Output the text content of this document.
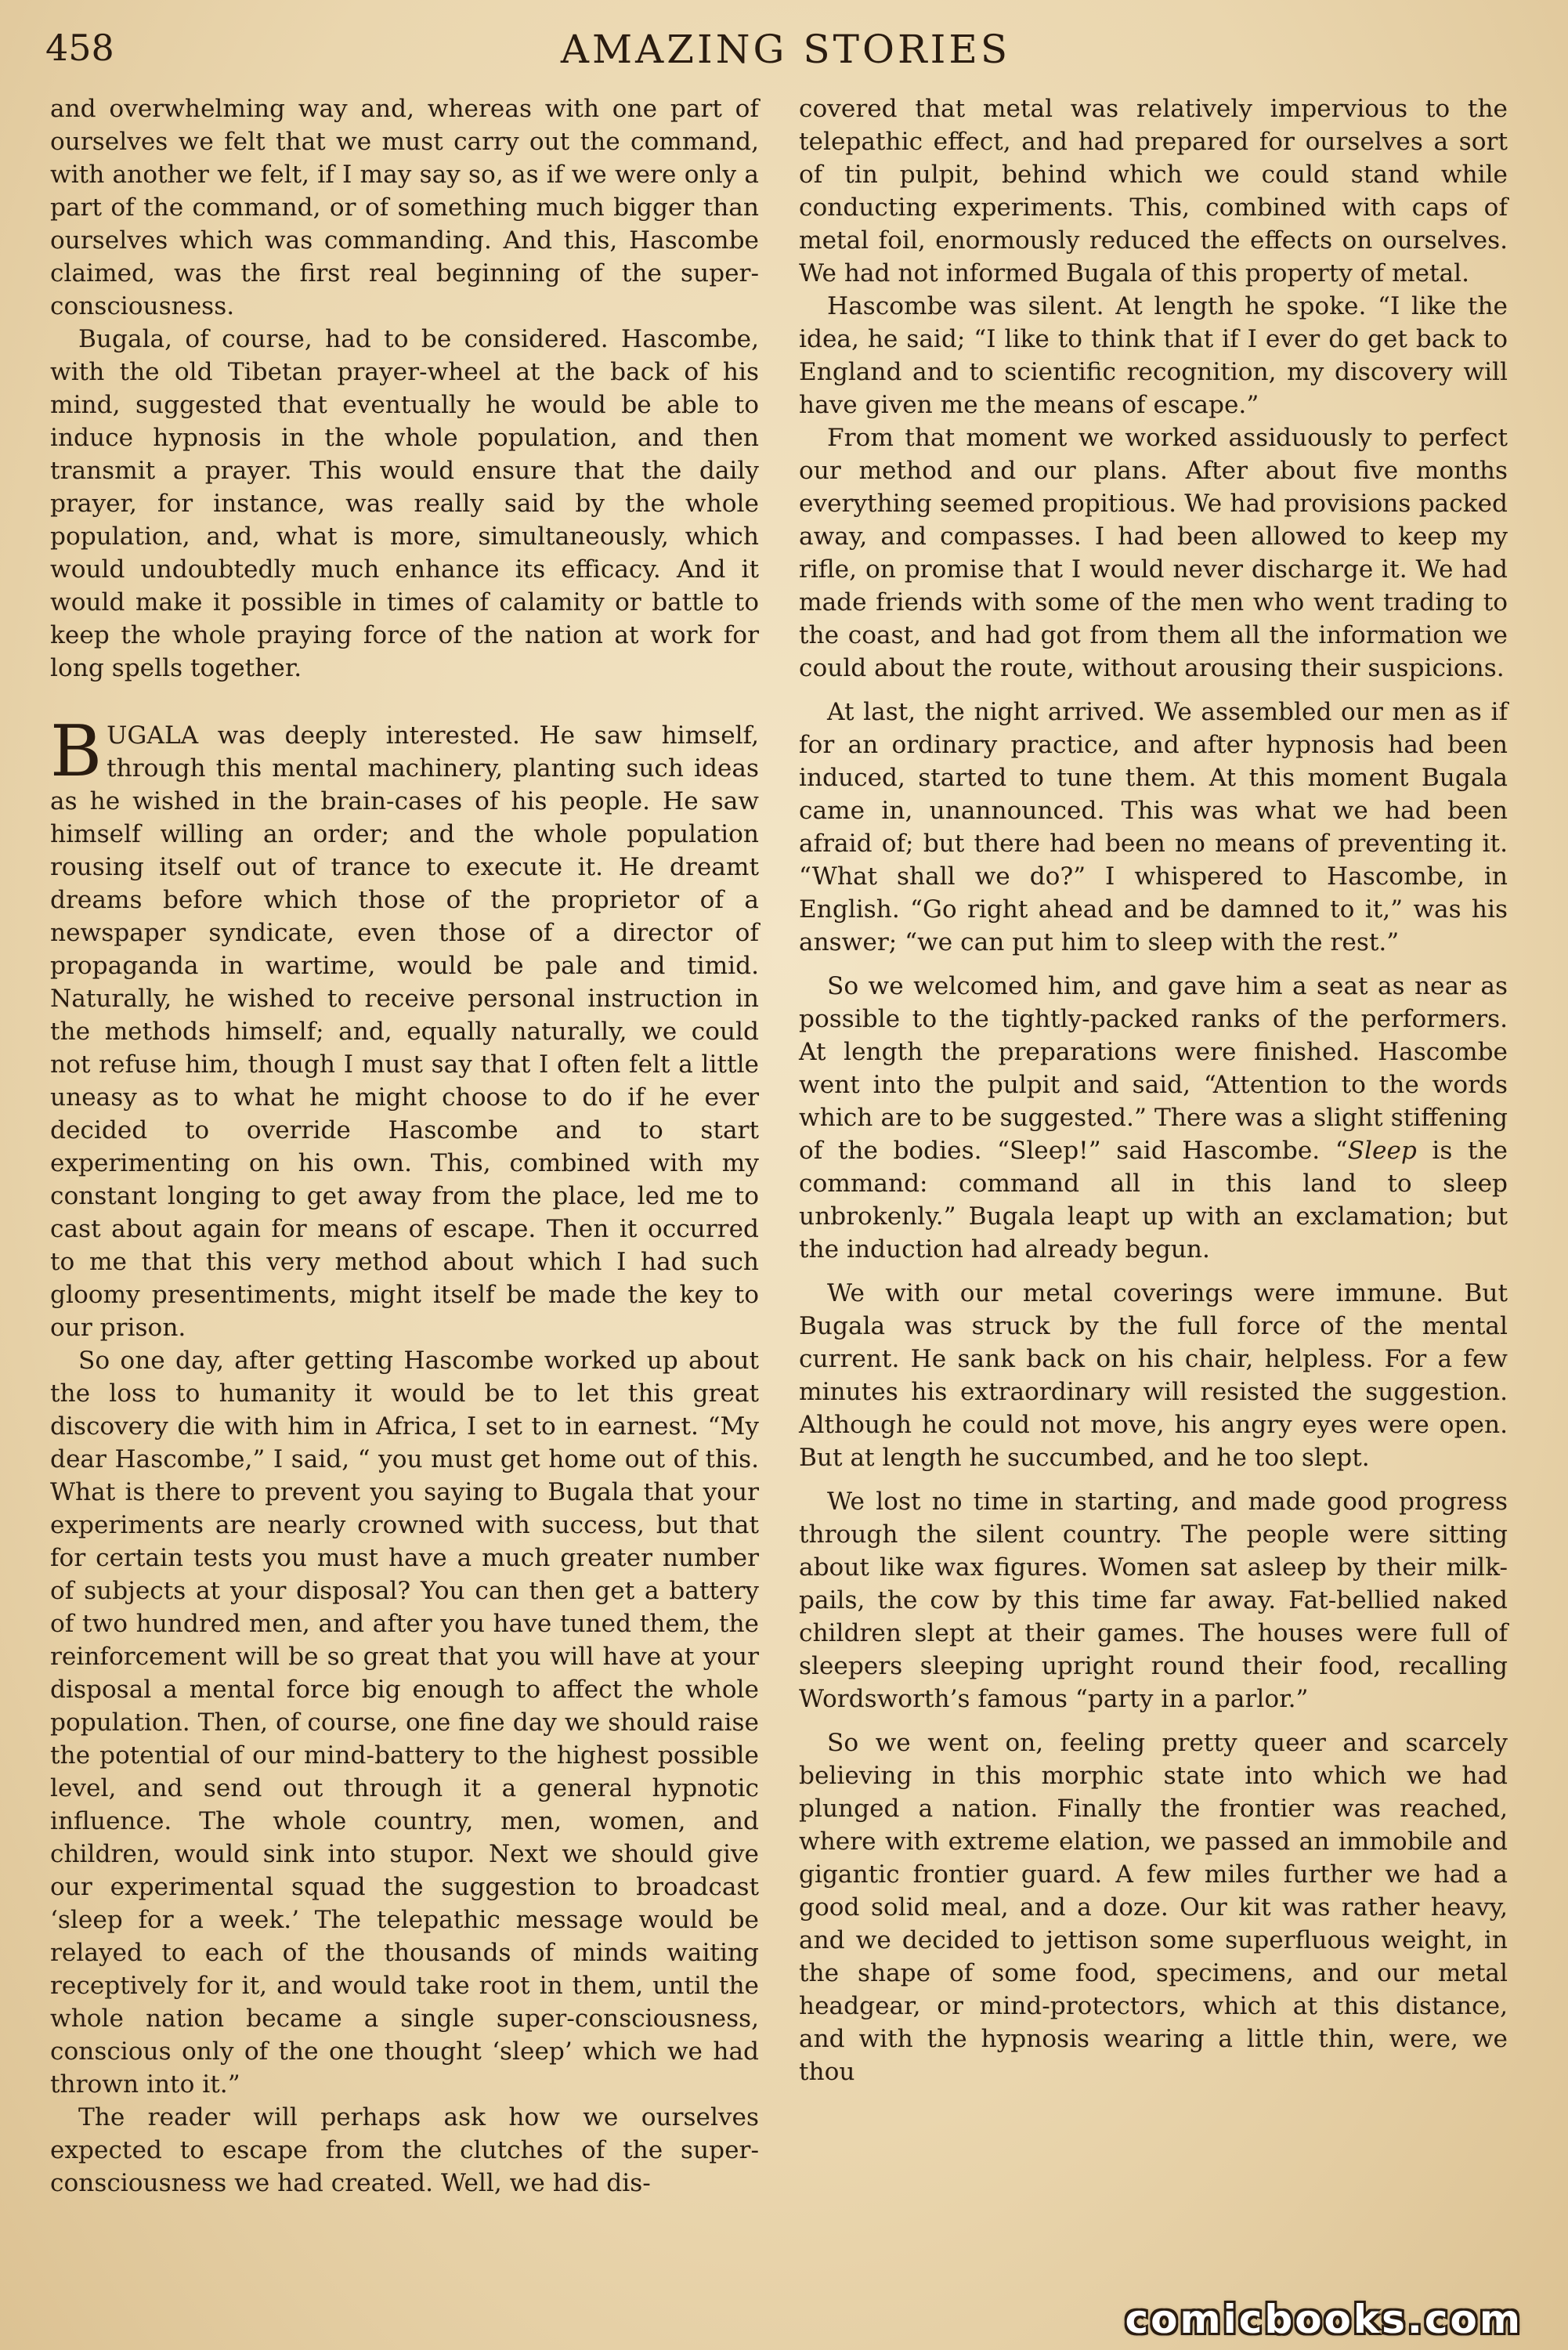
458	AMAZING STORIES

and overwhelming way and, whereas with one part of ourselves we felt that we must carry out the command, with another we felt, if I may say so, as if we were only a part of the command, or of something much bigger than ourselves which was commanding. And this, Hascombe claimed, was the first real beginning of the super-consciousness.

Bugala, of course, had to be considered. Hascombe, with the old Tibetan prayer-wheel at the back of his mind, suggested that eventually he would be able to induce hypnosis in the whole population, and then transmit a prayer. This would ensure that the daily prayer, for instance, was really said by the whole population, and, what is more, simultaneously, which would undoubtedly much enhance its efficacy. And it would make it possible in times of calamity or battle to keep the whole praying force of the nation at work for long spells together.

B UGALA was deeply interested. He saw himself, through this mental machinery, planting such ideas as he wished in the brain-cases of his people. He saw himself willing an order; and the whole population rousing itself out of trance to execute it. He dreamt dreams before which those of the proprietor of a newspaper syndicate, even those of a director of propaganda in wartime, would be pale and timid. Naturally, he wished to receive personal instruction in the methods himself; and, equally naturally, we could not refuse him, though I must say that I often felt a little uneasy as to what he might choose to do if he ever decided to override Hascombe and to start experimenting on his own. This, combined with my constant longing to get away from the place, led me to cast about again for means of escape. Then it occurred to me that this very method about which I had such gloomy presentiments, might itself be made the key to our prison.

So one day, after getting Hascombe worked up about the loss to humanity it would be to let this great discovery die with him in Africa, I set to in earnest. “My dear Hascombe,” I said, “ you must get home out of this. What is there to prevent you saying to Bugala that your experiments are nearly crowned with success, but that for certain tests you must have a much greater number of subjects at your disposal? You can then get a battery of two hundred men, and after you have tuned them, the reinforcement will be so great that you will have at your disposal a mental force big enough to affect the whole population. Then, of course, one fine day we should raise the potential of our mind-battery to the highest possible level, and send out through it a general hypnotic influence. The whole country, men, women, and children, would sink into stupor. Next we should give our experimental squad the suggestion to broadcast ‘sleep for a week.’ The telepathic message would be relayed to each of the thousands of minds waiting receptively for it, and would take root in them, until the whole nation became a single super-consciousness, conscious only of the one thought ‘sleep’ which we had thrown into it.”

The reader will perhaps ask how we ourselves expected to escape from the clutches of the super-consciousness we had created. Well, we had dis-

covered that metal was relatively impervious to the telepathic effect, and had prepared for ourselves a sort of tin pulpit, behind which we could stand while conducting experiments. This, combined with caps of metal foil, enormously reduced the effects on ourselves. We had not informed Bugala of this property of metal.

Hascombe was silent. At length he spoke. “I like the idea, he said; “I like to think that if I ever do get back to England and to scientific recognition, my discovery will have given me the means of escape.”

From that moment we worked assiduously to perfect our method and our plans. After about five months everything seemed propitious. We had provisions packed away, and compasses. I had been allowed to keep my rifle, on promise that I would never discharge it. We had made friends with some of the men who went trading to the coast, and had got from them all the information we could about the route, without arousing their suspicions.

At last, the night arrived. We assembled our men as if for an ordinary practice, and after hypnosis had been induced, started to tune them. At this moment Bugala came in, unannounced. This was what we had been afraid of; but there had been no means of preventing it. “What shall we do?” I whispered to Hascombe, in English. “Go right ahead and be damned to it,” was his answer; “we can put him to sleep with the rest.”

So we welcomed him, and gave him a seat as near as possible to the tightly-packed ranks of the performers. At length the preparations were finished. Hascombe went into the pulpit and said, “Attention to the words which are to be suggested.” There was a slight stiffening of the bodies. “Sleep!” said Hascombe. “Sleep is the command: command all in this land to sleep unbrokenly.” Bugala leapt up with an exclamation; but the induction had already begun.

We with our metal coverings were immune. But Bugala was struck by the full force of the mental current. He sank back on his chair, helpless. For a few minutes his extraordinary will resisted the suggestion. Although he could not move, his angry eyes were open. But at length he succumbed, and he too slept.

We lost no time in starting, and made good progress through the silent country. The people were sitting about like wax figures. Women sat asleep by their milk-pails, the cow by this time far away. Fat-bellied naked children slept at their games. The houses were full of sleepers sleeping upright round their food, recalling Wordsworth’s famous “party in a parlor.”

So we went on, feeling pretty queer and scarcely believing in this morphic state into which we had plunged a nation. Finally the frontier was reached, where with extreme elation, we passed an immobile and gigantic frontier guard. A few miles further we had a good solid meal, and a doze. Our kit was rather heavy, and we decided to jettison some superfluous weight, in the shape of some food, specimens, and our metal headgear, or mind-protectors, which at this distance, and with the hypnosis wearing a little thin, were, we thou

comicbooks.com
